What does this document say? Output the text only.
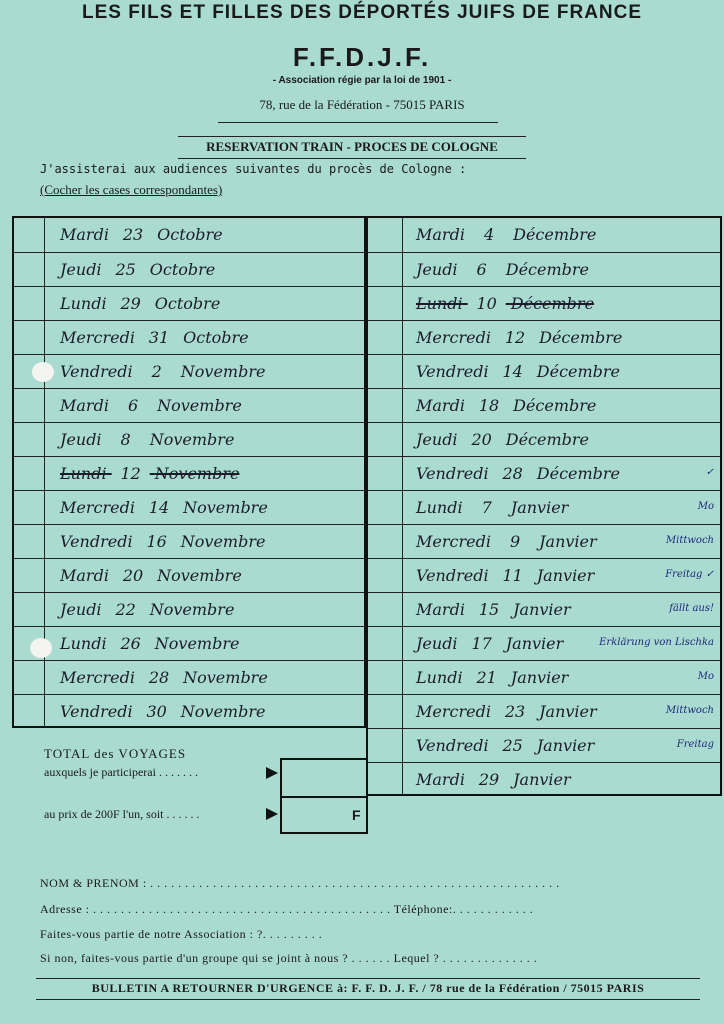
LES FILS ET FILLES DES DÉPORTÉS JUIFS DE FRANCE
F.F.D.J.F.
- Association régie par la loi de 1901 -
78, rue de la Fédération - 75015 PARIS
RESERVATION TRAIN - PROCES DE COLOGNE
J'assisterai aux audiences suivantes du procès de Cologne :
(Cocher les cases correspondantes)
Mardi 23 Octobre
Jeudi 25 Octobre
Lundi 29 Octobre
Mercredi 31 Octobre
Vendredi 2 Novembre
Mardi 6 Novembre
Jeudi 8 Novembre
Lundi 12 Novembre
Mercredi 14 Novembre
Vendredi 16 Novembre
Mardi 20 Novembre
Jeudi 22 Novembre
Lundi 26 Novembre
Mercredi 28 Novembre
Vendredi 30 Novembre
Mardi 4 Décembre
Jeudi 6 Décembre
Lundi 10 Décembre
Mercredi 12 Décembre
Vendredi 14 Décembre
Mardi 18 Décembre
Jeudi 20 Décembre
Vendredi 28 Décembre	✓
Lundi 7 Janvier	Mo
Mercredi 9 Janvier	Mittwoch
Vendredi 11 Janvier	Freitag ✓
Mardi 15 Janvier	fällt aus!
Jeudi 17 Janvier	Erklärung von Lischka
Lundi 21 Janvier	Mo
Mercredi 23 Janvier	Mittwoch
Vendredi 25 Janvier	Freitag
Mardi 29 Janvier
TOTAL des VOYAGES
auxquels je participerai . . . . . . .
au prix de 200F l'un, soit . . . . . .	F
NOM & PRENOM : . . . . . . . . . . . . . . . . . . . . . . . . . . . . . . . . . . . . . . . . . . . . . . . . . . . . . . . . . . .
Adresse : . . . . . . . . . . . . . . . . . . . . . . . . . . . . . . . . . . . . . . . . . . . Téléphone:. . . . . . . . . . . .
Faites-vous partie de notre Association : ?. . . . . . . . .
Si non, faites-vous partie d'un groupe qui se joint à nous ? . . . . . . Lequel ? . . . . . . . . . . . . . .
BULLETIN A RETOURNER D'URGENCE à: F. F. D. J. F. / 78 rue de la Fédération / 75015 PARIS
